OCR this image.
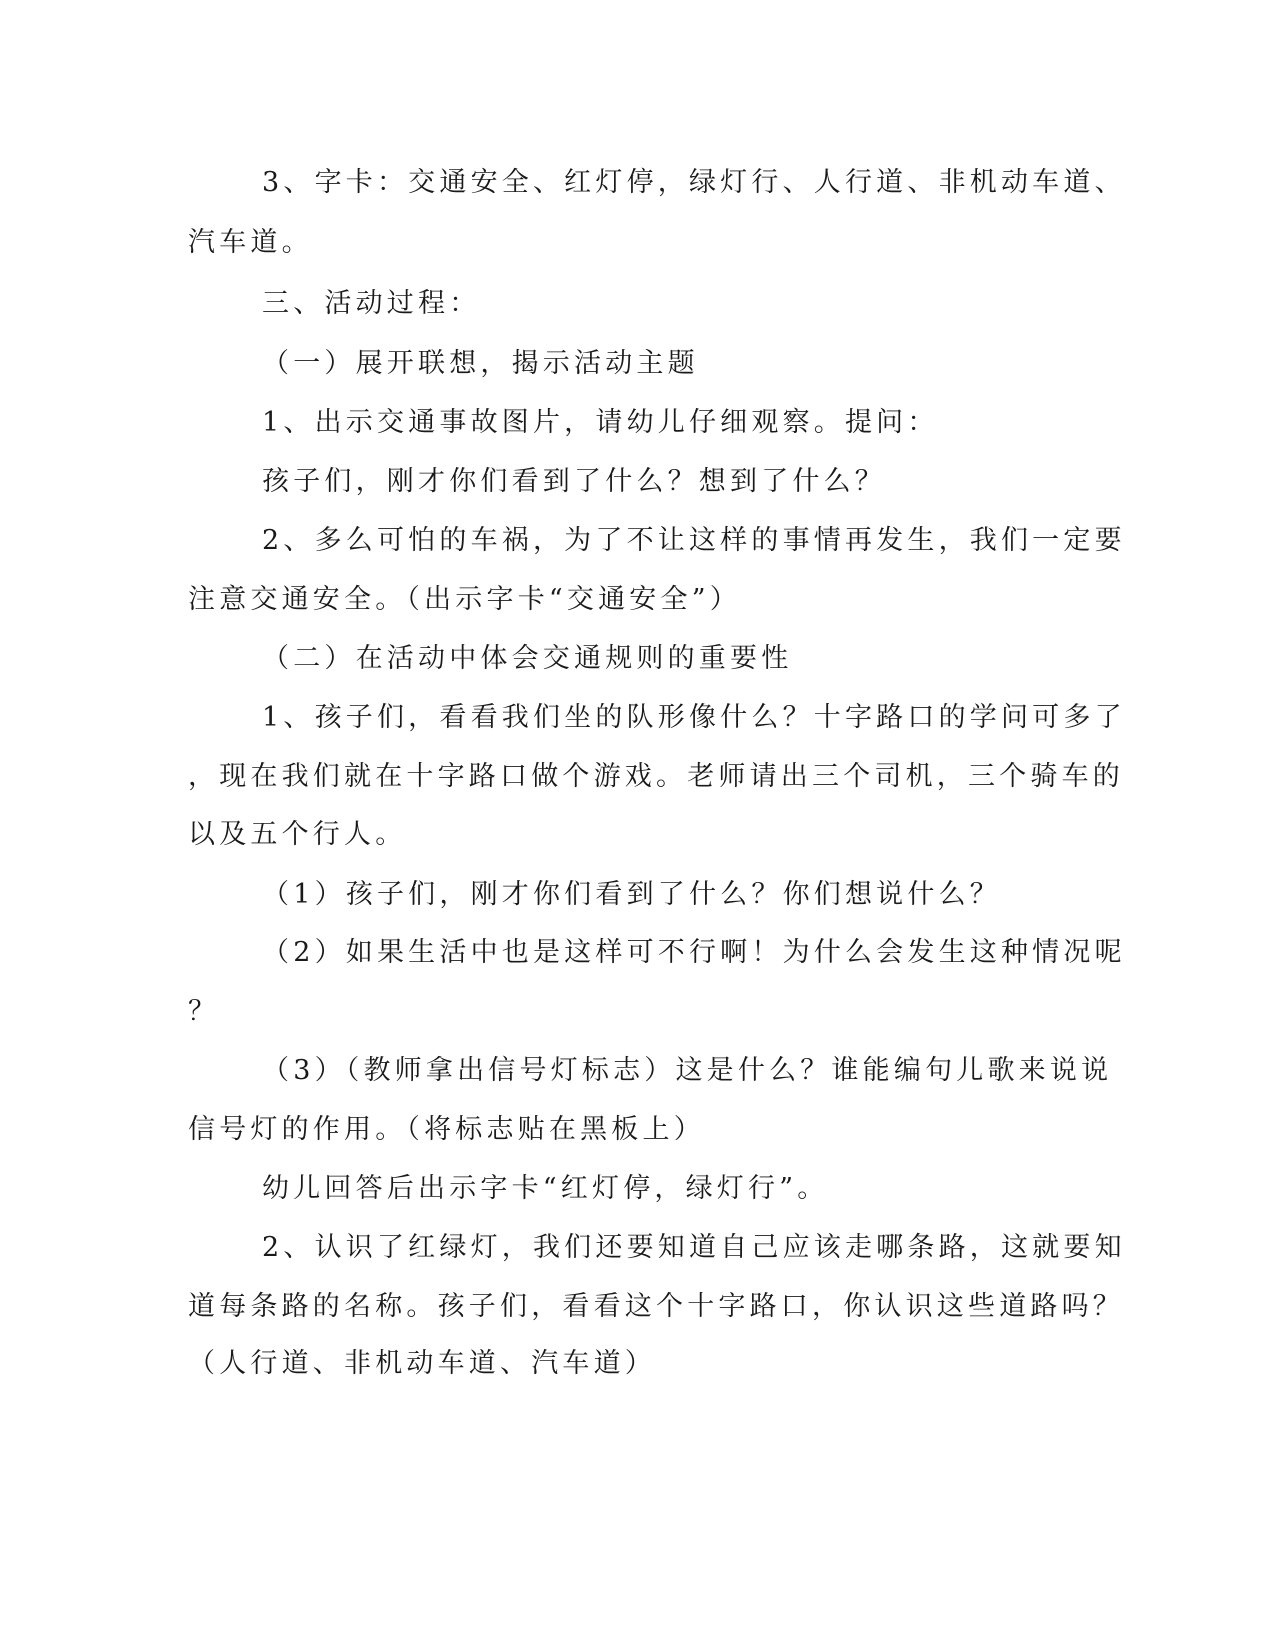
3、字卡：交通安全、红灯停，绿灯行、人行道、非机动车道、
汽车道。
三、活动过程：
（一）展开联想，揭示活动主题
1、出示交通事故图片，请幼儿仔细观察。提问：
孩子们，刚才你们看到了什么？想到了什么？
2、多么可怕的车祸，为了不让这样的事情再发生，我们一定要
注意交通安全。（出示字卡“交通安全”）
（二）在活动中体会交通规则的重要性
1、孩子们，看看我们坐的队形像什么？十字路口的学问可多了
，现在我们就在十字路口做个游戏。老师请出三个司机，三个骑车的
以及五个行人。
（1）孩子们，刚才你们看到了什么？你们想说什么？
（2）如果生活中也是这样可不行啊！为什么会发生这种情况呢
？
（3）（教师拿出信号灯标志）这是什么？谁能编句儿歌来说说
信号灯的作用。（将标志贴在黑板上）
幼儿回答后出示字卡“红灯停，绿灯行”。
2、认识了红绿灯，我们还要知道自己应该走哪条路，这就要知
道每条路的名称。孩子们，看看这个十字路口，你认识这些道路吗？
（人行道、非机动车道、汽车道）
